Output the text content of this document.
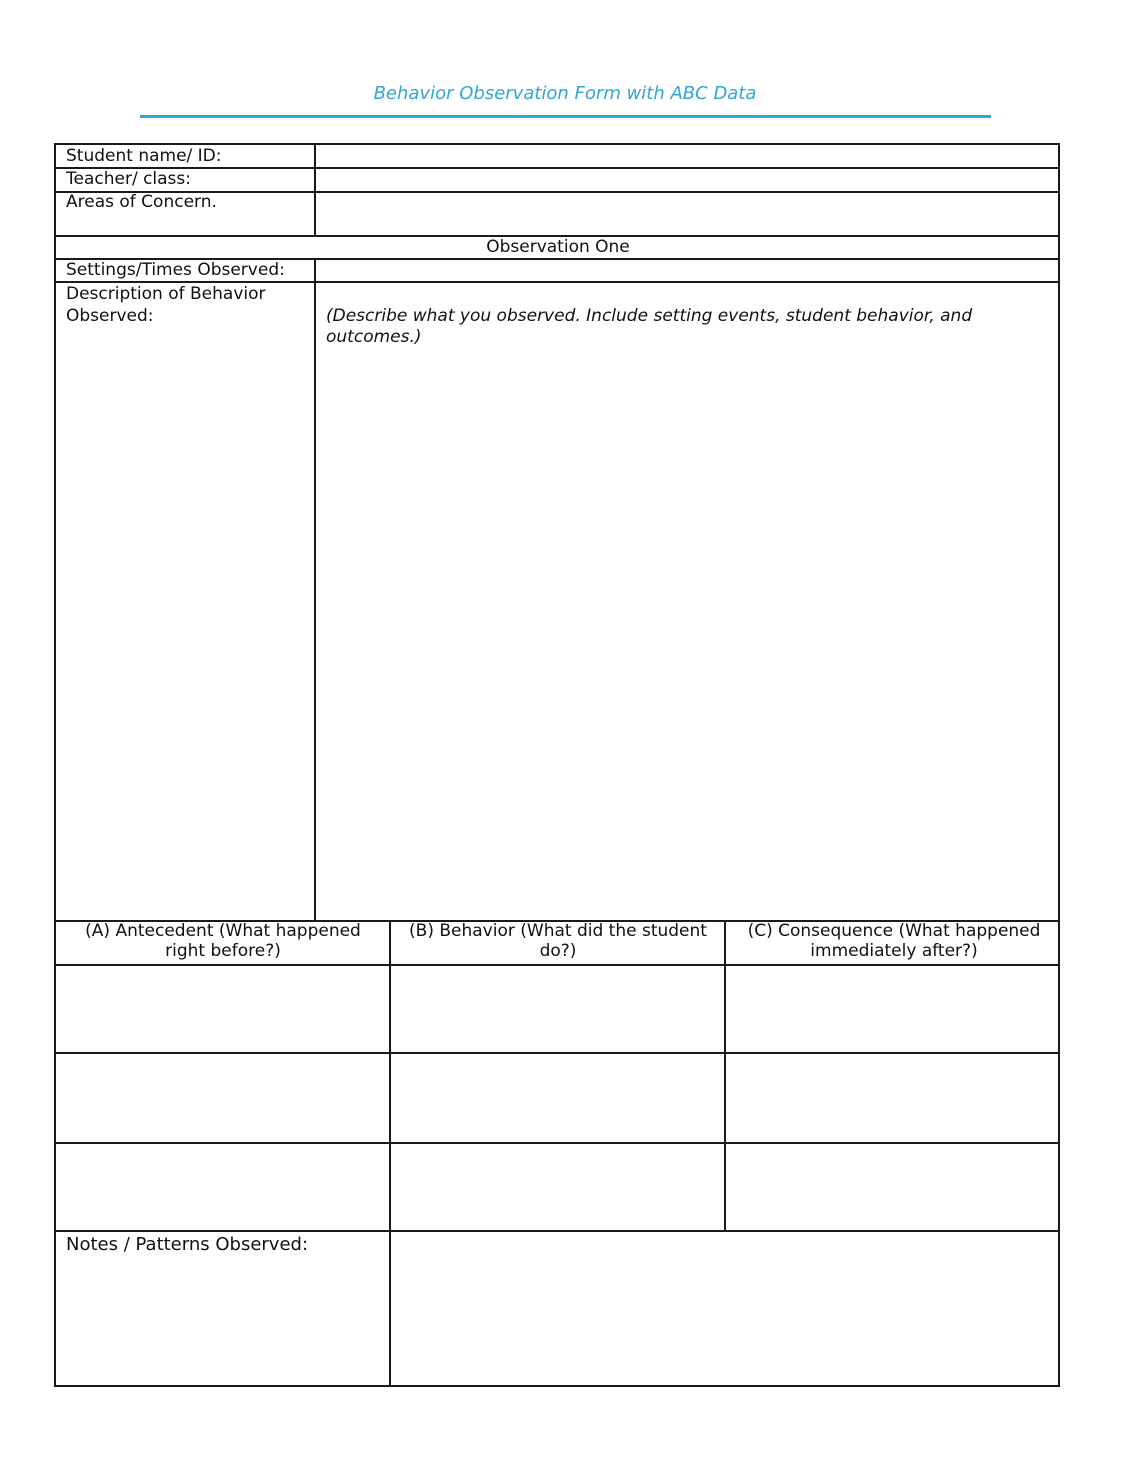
Behavior Observation Form with ABC Data
Student name/ ID:
Teacher/ class:
Areas of Concern.
Observation One
Settings/Times Observed:
Description of Behavior
Observed:	(Describe what you observed. Include setting events, student behavior, and outcomes.)
(A) Antecedent (What happened right before?)
(B) Behavior (What did the student do?)
(C) Consequence (What happened immediately after?)
Notes / Patterns Observed:
